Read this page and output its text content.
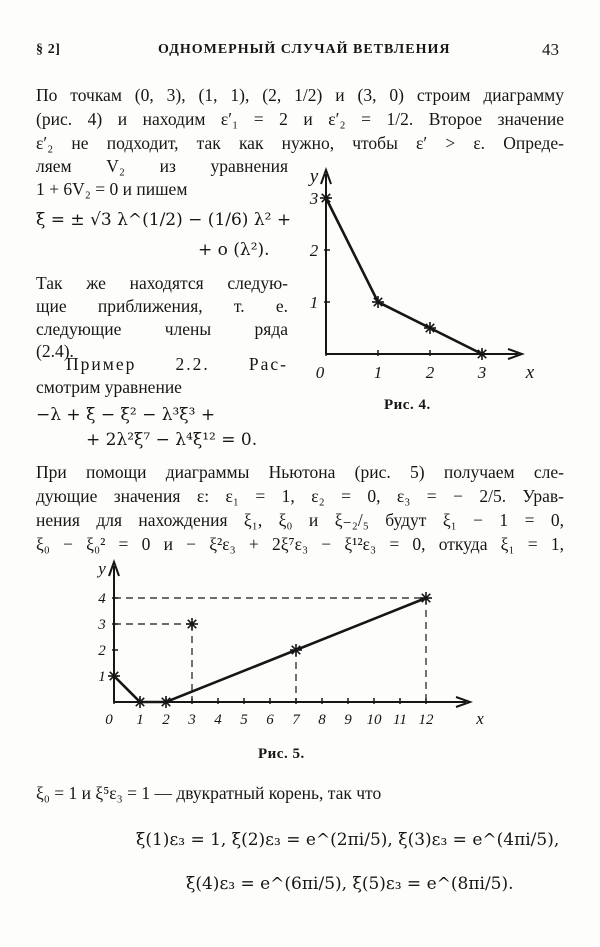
§ 2]	ОДНОМЕРНЫЙ СЛУЧАЙ ВЕТВЛЕНИЯ	43
По точкам (0, 3), (1, 1), (2, 1/2) и (3, 0) строим диаграмму
(рис. 4) и находим ε′₁ = 2 и ε′₂ = 1/2. Второе значение
ε′₂ не подходит, так как нужно, чтобы ε′ > ε. Опреде-
ляем V₂ из уравнения
1 + 6V₂ = 0 и пишем
ξ = ± √3 λ^(1/2) − (1/6) λ² +
+ o (λ²).
Так же находятся следую-
щие приближения, т. е.
следующие члены ряда
(2.4).
Пример 2.2. Рас-
смотрим уравнение
−λ + ξ − ξ² − λ³ξ³ +
+ 2λ²ξ⁷ − λ⁴ξ¹² = 0.
0	1	2	3
1
2
3
y
x
Рис. 4.
При помощи диаграммы Ньютона (рис. 5) получаем сле-
дующие значения ε: ε₁ = 1, ε₂ = 0, ε₃ = − 2/5. Урав-
нения для нахождения ξ₁, ξ₀ и ξ₋₂/₅ будут ξ₁ − 1 = 0,
ξ₀ − ξ₀² = 0 и − ξ²ε₃ + 2ξ⁷ε₃ − ξ¹²ε₃ = 0, откуда ξ₁ = 1,
0 1 2 3 4 5 6 7 8 9 10 11 12
1
2
3
4
y
x
Рис. 5.
ξ₀ = 1 и ξ⁵ε₃ = 1 — двукратный корень, так что
ξ(1)ε₃ = 1, ξ(2)ε₃ = e^(2πi/5), ξ(3)ε₃ = e^(4πi/5),
ξ(4)ε₃ = e^(6πi/5), ξ(5)ε₃ = e^(8πi/5).
